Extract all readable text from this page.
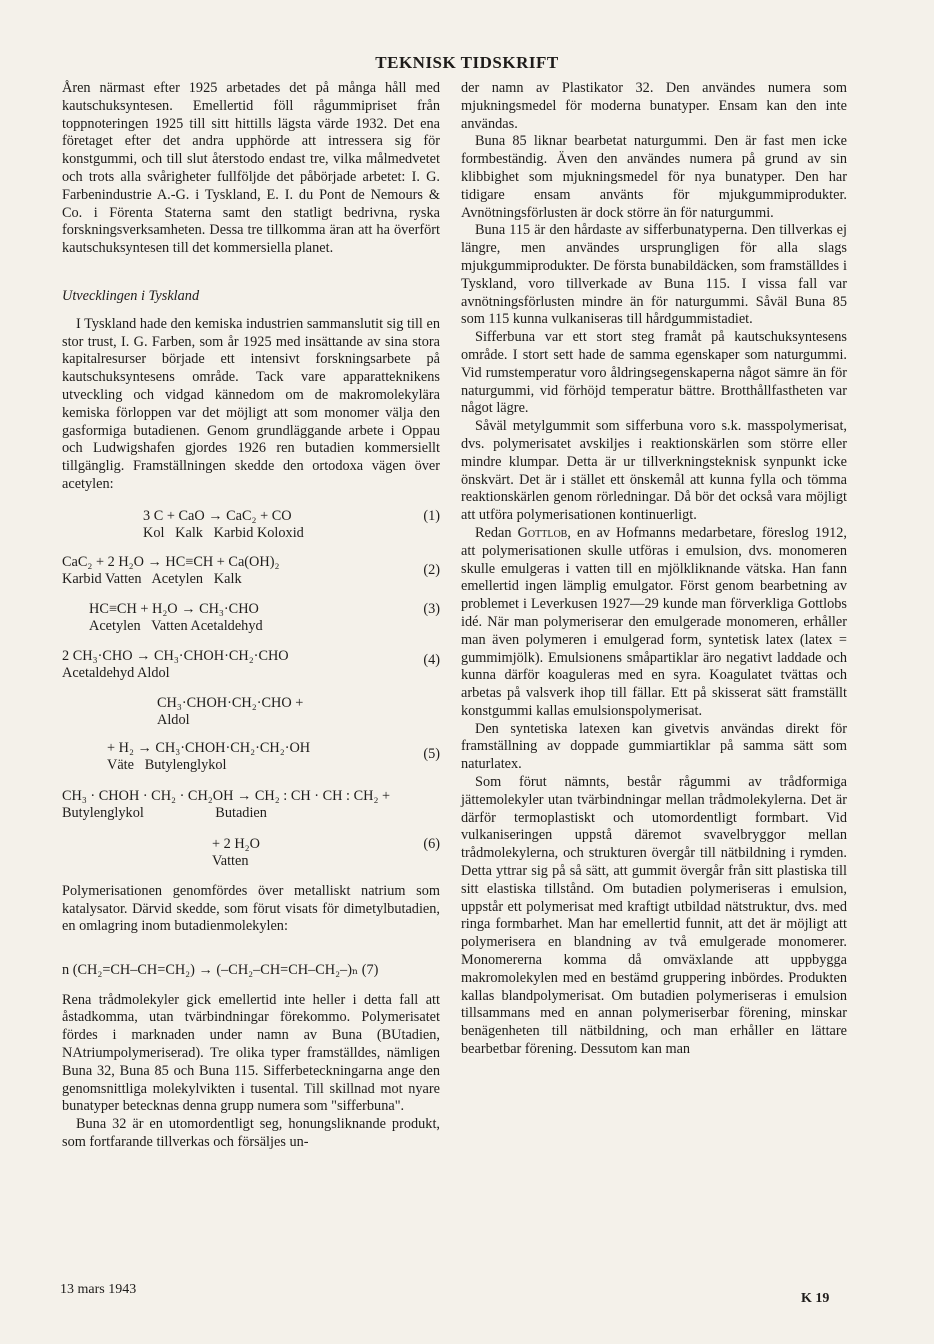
TEKNISK TIDSKRIFT

Åren närmast efter 1925 arbetades det på många håll med kautschuksyntesen. Emellertid föll rågummipriset från toppnoteringen 1925 till sitt hittills lägsta värde 1932. Det ena företaget efter det andra upphörde att intressera sig för konstgummi, och till slut återstodo endast tre, vilka målmedvetet och trots alla svårigheter fullföljde det påbörjade arbetet: I. G. Farbenindustrie A.-G. i Tyskland, E. I. du Pont de Nemours & Co. i Förenta Staterna samt den statligt bedrivna, ryska forskningsverksamheten. Dessa tre tillkomma äran att ha överfört kautschuksyntesen till det kommersiella planet.

Utvecklingen i Tyskland

I Tyskland hade den kemiska industrien sammanslutit sig till en stor trust, I. G. Farben, som år 1925 med insättande av sina stora kapitalresurser började ett intensivt forskningsarbete på kautschuksyntesens område. Tack vare apparatteknikens utveckling och vidgad kännedom om de makromolekylära kemiska förloppen var det möjligt att som monomer välja den gasformiga butadienen. Genom grundläggande arbete i Oppau och Ludwigshafen gjordes 1926 ren butadien kommersiellt tillgänglig. Framställningen skedde den ortodoxa vägen över acetylen:

3 C + CaO → CaC₂ + CO
Kol   Kalk   Karbid Koloxid
(1)
CaC₂ + 2 H₂O → HC≡CH + Ca(OH)₂
Karbid Vatten   Acetylen   Kalk
(2)
HC≡CH + H₂O → CH₃·CHO
Acetylen   Vatten Acetaldehyd
(3)
2 CH₃·CHO → CH₃·CHOH·CH₂·CHO
Acetaldehyd Aldol
(4)
CH₃·CHOH·CH₂·CHO +
Aldol
+ H₂ → CH₃·CHOH·CH₂·CH₂·OH
Väte   Butylenglykol
(5)
CH₃ · CHOH · CH₂ · CH₂OH → CH₂ : CH · CH : CH₂ +
Butylenglykol                    Butadien
+ 2 H₂O
Vatten
(6)

Polymerisationen genomfördes över metalliskt natrium som katalysator. Därvid skedde, som förut visats för dimetylbutadien, en omlagring inom butadienmolekylen:

n (CH₂=CH–CH=CH₂) → (–CH₂–CH=CH–CH₂–)ₙ (7)

Rena trådmolekyler gick emellertid inte heller i detta fall att åstadkomma, utan tvärbindningar förekommo. Polymerisatet fördes i marknaden under namn av Buna (BUtadien, NAtriumpolymeriserad). Tre olika typer framställdes, nämligen Buna 32, Buna 85 och Buna 115. Sifferbeteckningarna ange den genomsnittliga molekylvikten i tusental. Till skillnad mot nyare bunatyper betecknas denna grupp numera som "sifferbuna".

Buna 32 är en utomordentligt seg, honungsliknande produkt, som fortfarande tillverkas och försäljes un-

der namn av Plastikator 32. Den användes numera som mjukningsmedel för moderna bunatyper. Ensam kan den inte användas.

Buna 85 liknar bearbetat naturgummi. Den är fast men icke formbeständig. Även den användes numera på grund av sin klibbighet som mjukningsmedel för nya bunatyper. Den har tidigare ensam använts för mjukgummiprodukter. Avnötningsförlusten är dock större än för naturgummi.

Buna 115 är den hårdaste av sifferbunatyperna. Den tillverkas ej längre, men användes ursprungligen för alla slags mjukgummiprodukter. De första bunabildäcken, som framställdes i Tyskland, voro tillverkade av Buna 115. I vissa fall var avnötningsförlusten mindre än för naturgummi. Såväl Buna 85 som 115 kunna vulkaniseras till hårdgummistadiet.

Sifferbuna var ett stort steg framåt på kautschuksyntesens område. I stort sett hade de samma egenskaper som naturgummi. Vid rumstemperatur voro åldringsegenskaperna något sämre än för naturgummi, vid förhöjd temperatur bättre. Brotthållfastheten var något lägre.

Såväl metylgummit som sifferbuna voro s.k. masspolymerisat, dvs. polymerisatet avskiljes i reaktionskärlen som större eller mindre klumpar. Detta är ur tillverkningsteknisk synpunkt icke önskvärt. Det är i stället ett önskemål att kunna fylla och tömma reaktionskärlen genom rörledningar. Då bör det också vara möjligt att utföra polymerisationen kontinuerligt.

Redan Gottlob, en av Hofmanns medarbetare, föreslog 1912, att polymerisationen skulle utföras i emulsion, dvs. monomeren skulle emulgeras i vatten till en mjölkliknande vätska. Han fann emellertid ingen lämplig emulgator. Först genom bearbetning av problemet i Leverkusen 1927—29 kunde man förverkliga Gottlobs idé. När man polymeriserar den emulgerade monomeren, erhåller man även polymeren i emulgerad form, syntetisk latex (latex = gummimjölk). Emulsionens småpartiklar äro negativt laddade och kunna därför koaguleras med en syra. Koagulatet tvättas och arbetas på valsverk ihop till fällar. Ett på skisserat sätt framställt konstgummi kallas emulsionspolymerisat.

Den syntetiska latexen kan givetvis användas direkt för framställning av doppade gummiartiklar på samma sätt som naturlatex.

Som förut nämnts, består rågummi av trådformiga jättemolekyler utan tvärbindningar mellan trådmolekylerna. Det är därför termoplastiskt och utomordentligt formbart. Vid vulkaniseringen uppstå däremot svavelbryggor mellan trådmolekylerna, och strukturen övergår till nätbildning i rymden. Detta yttrar sig på så sätt, att gummit övergår från sitt plastiska till sitt elastiska tillstånd. Om butadien polymeriseras i emulsion, uppstår ett polymerisat med kraftigt utbildad nätstruktur, dvs. med ringa formbarhet. Man har emellertid funnit, att det är möjligt att polymerisera en blandning av två emulgerade monomerer. Monomererna komma då omväxlande att uppbygga makromolekylen med en bestämd gruppering inbördes. Produkten kallas blandpolymerisat. Om butadien polymeriseras i emulsion tillsammans med en annan polymeriserbar förening, minskar benägenheten till nätbildning, och man erhåller en lättare bearbetbar förening. Dessutom kan man

13 mars 1943
K 19
